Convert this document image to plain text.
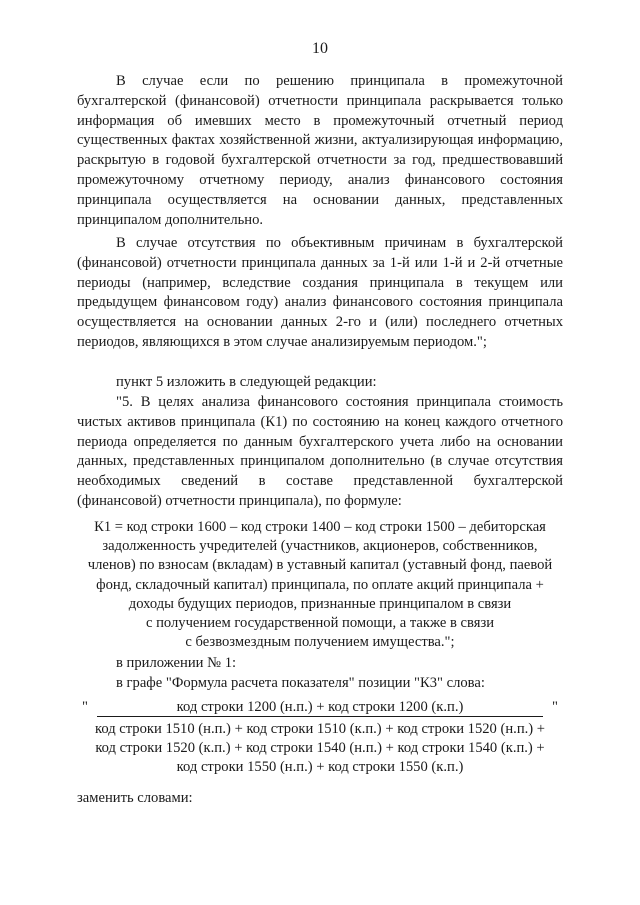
10

В случае если по решению принципала в промежуточной бухгалтерской (финансовой) отчетности принципала раскрывается только информация об имевших место в промежуточный отчетный период существенных фактах хозяйственной жизни, актуализирующая информацию, раскрытую в годовой бухгалтерской отчетности за год, предшествовавший промежуточному отчетному периоду, анализ финансового состояния принципала осуществляется на основании данных, представленных принципалом дополнительно.

В случае отсутствия по объективным причинам в бухгалтерской (финансовой) отчетности принципала данных за 1-й или 1-й и 2-й отчетные периоды (например, вследствие создания принципала в текущем или предыдущем финансовом году) анализ финансового состояния принципала осуществляется на основании данных 2-го и (или) последнего отчетных периодов, являющихся в этом случае анализируемым периодом.";

пункт 5 изложить в следующей редакции:

"5. В целях анализа финансового состояния принципала стоимость чистых активов принципала (К1) по состоянию на конец каждого отчетного периода определяется по данным бухгалтерского учета либо на основании данных, представленных принципалом дополнительно (в случае отсутствия необходимых сведений в составе представленной бухгалтерской (финансовой) отчетности принципала), по формуле:

К1 = код строки 1600 – код строки 1400 – код строки 1500 – дебиторская
задолженность учредителей (участников, акционеров, собственников,
членов) по взносам (вкладам) в уставный капитал (уставный фонд, паевой
фонд, складочный капитал) принципала, по оплате акций принципала +
доходы будущих периодов, признанные принципалом в связи
с получением государственной помощи, а также в связи
с безвозмездным получением имущества.";

в приложении № 1:

в графе "Формула расчета показателя" позиции "К3" слова:

"	код строки 1200 (н.п.) + код строки 1200 (к.п.)	"
код строки 1510 (н.п.) + код строки 1510 (к.п.) + код строки 1520 (н.п.) +
код строки 1520 (к.п.) + код строки 1540 (н.п.) + код строки 1540 (к.п.) +
код строки 1550 (н.п.) + код строки 1550 (к.п.)

заменить словами:
